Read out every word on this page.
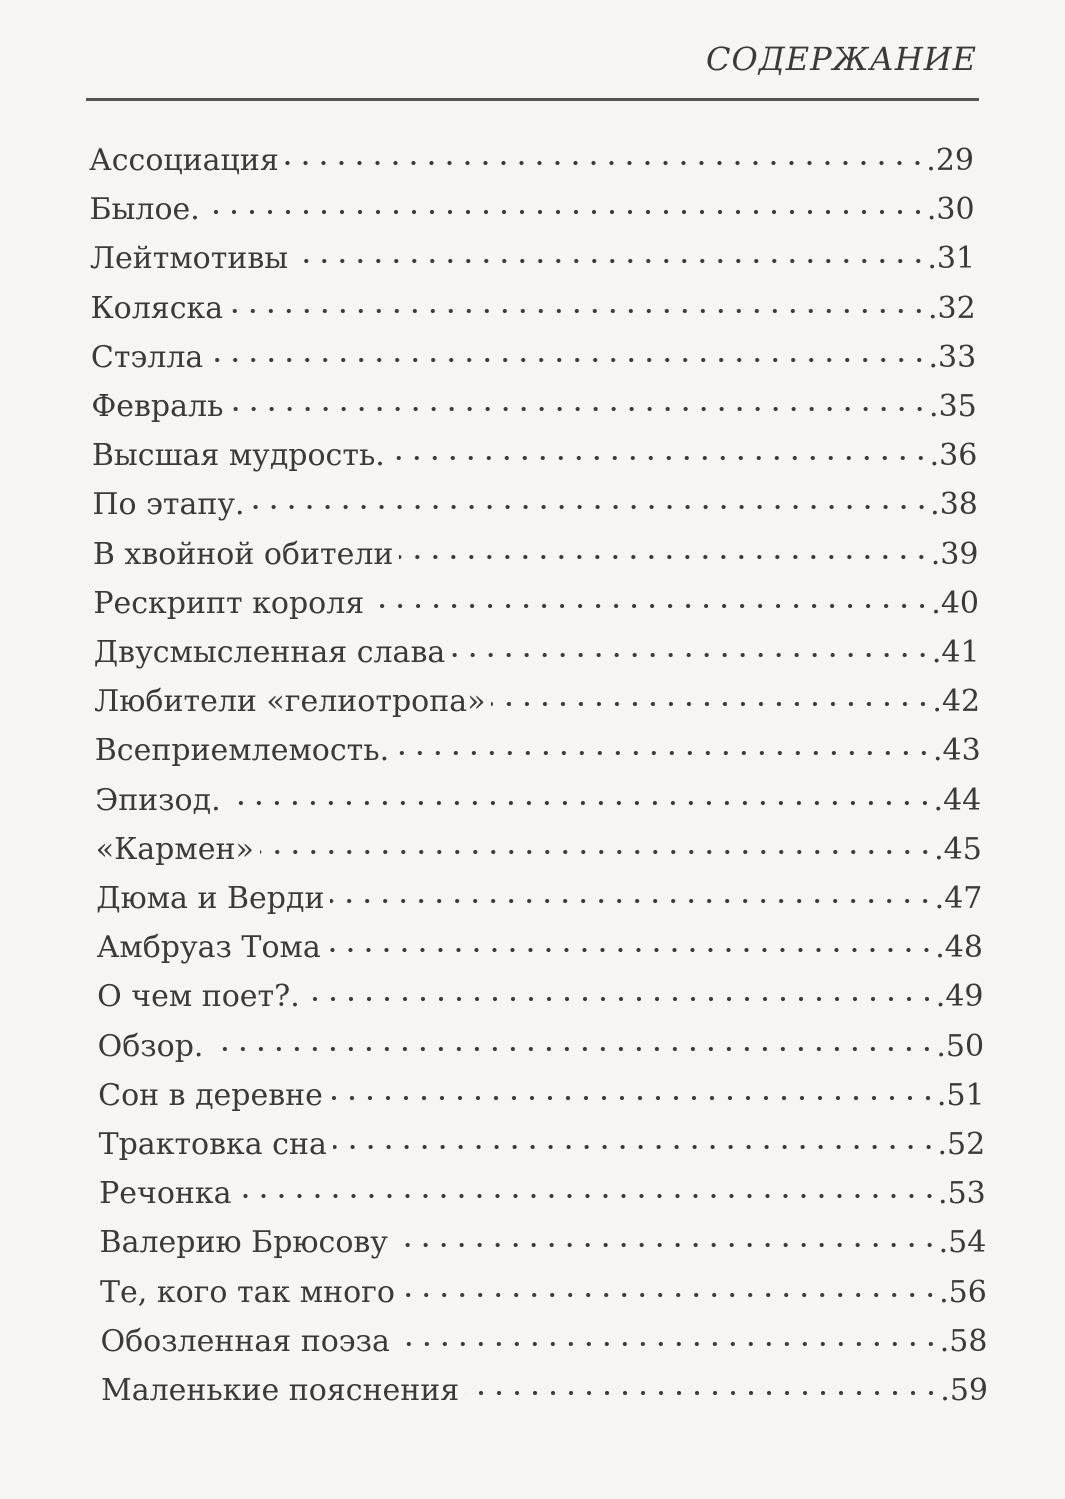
СОДЕРЖАНИЕ
Ассоциация	. 29
Былое.	. 30
Лейтмотивы	. 31
Коляска	. 32
Стэлла	. 33
Февраль	. 35
Высшая мудрость.	. 36
По этапу.	. 38
В хвойной обители	. 39
Рескрипт короля	. 40
Двусмысленная слава	. 41
Любители «гелиотропа»	. 42
Всеприемлемость.	. 43
Эпизод.	. 44
«Кармен»	. 45
Дюма и Верди	. 47
Амбруаз Тома	. 48
О чем поет?.	. 49
Обзор.	. 50
Сон в деревне	. 51
Трактовка сна	. 52
Речонка	. 53
Валерию Брюсову	. 54
Те, кого так много	. 56
Обозленная поэза	. 58
Маленькие пояснения	. 59
